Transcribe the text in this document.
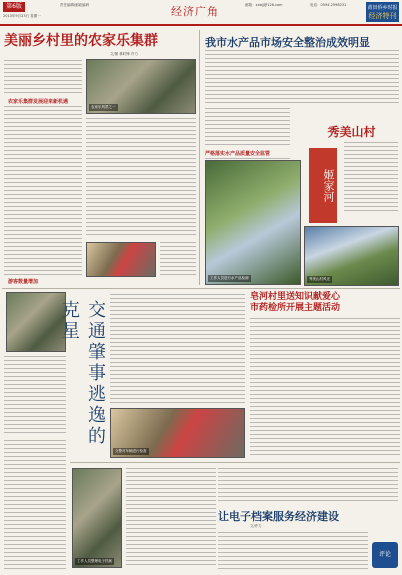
第6版
2013年9月23日 星期一
责任编辑/邮政编码	经济广角	邮箱：xxbjj@126.com	电话：0594-2598231	莆田侨乡时报
经济特刊
美丽乡村里的农家乐集群
文/图 林时锋 许力
农家乐风景之一
农家乐集群发展迎来新机遇
游客数量增加
我市水产品市场安全整治成效明显
严格落实水产品质量安全监管
工作人员进行水产品检测
秀美山村
姬家河
秀美山村风光
交通肇事逃逸的克星
交警对车辆进行检查
皂河村里送知识献爱心
市药检所开展主题活动
工作人员整理电子档案
让电子档案服务经济建设
文/许力
评论
